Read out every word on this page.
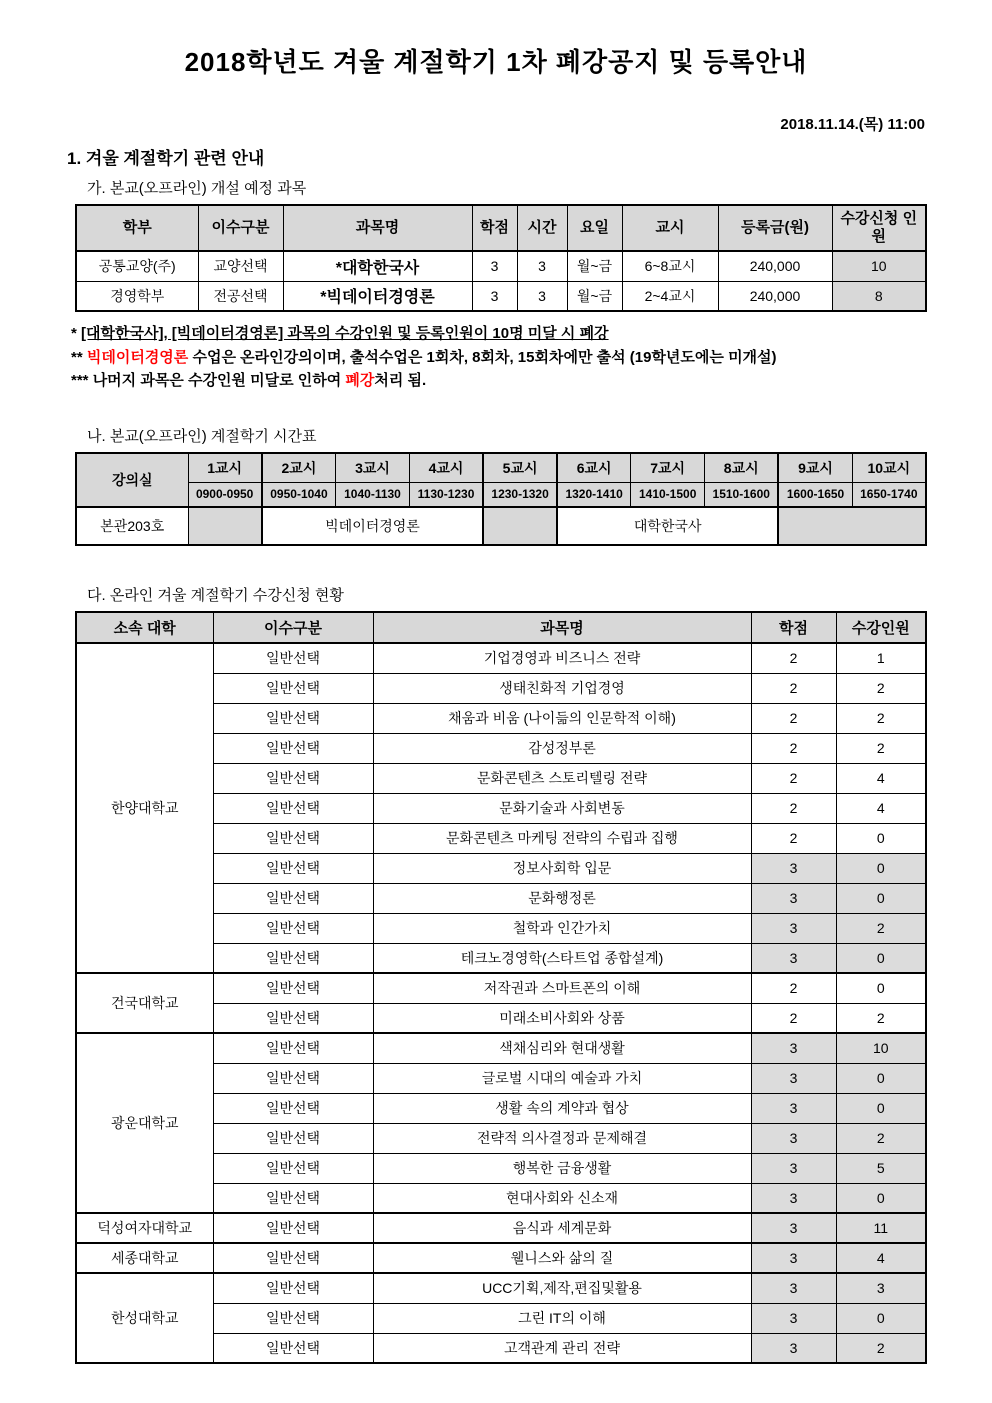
2018학년도 겨울 계절학기 1차 폐강공지 및 등록안내
2018.11.14.(목) 11:00
1. 겨울 계절학기 관련 안내
가. 본교(오프라인) 개설 예정 과목
학부	이수구분	과목명	학점	시간	요일	교시	등록금(원)	수강신청 인원
공통교양(주)	교양선택	*대학한국사	3	3	월~금	6~8교시	240,000	10
경영학부	전공선택	*빅데이터경영론	3	3	월~금	2~4교시	240,000	8
* [대학한국사], [빅데이터경영론] 과목의 수강인원 및 등록인원이 10명 미달 시 폐강
** 빅데이터경영론 수업은 온라인강의이며, 출석수업은 1회차, 8회차, 15회차에만 출석 (19학년도에는 미개설)
*** 나머지 과목은 수강인원 미달로 인하여 폐강처리 됨.
나. 본교(오프라인) 계절학기 시간표
강의실	1교시	2교시	3교시	4교시	5교시	6교시	7교시	8교시	9교시	10교시
	0900-0950	0950-1040	1040-1130	1130-1230	1230-1320	1320-1410	1410-1500	1510-1600	1600-1650	1650-1740
본관203호		빅데이터경영론				대학한국사				
다. 온라인 겨울 계절학기 수강신청 현황
소속 대학	이수구분	과목명	학점	수강인원
한양대학교	일반선택	기업경영과 비즈니스 전략	2	1
	일반선택	생태친화적 기업경영	2	2
	일반선택	채움과 비움 (나이듦의 인문학적 이해)	2	2
	일반선택	감성정부론	2	2
	일반선택	문화콘텐츠 스토리텔링 전략	2	4
	일반선택	문화기술과 사회변동	2	4
	일반선택	문화콘텐츠 마케팅 전략의 수립과 집행	2	0
	일반선택	정보사회학 입문	3	0
	일반선택	문화행정론	3	0
	일반선택	철학과 인간가치	3	2
	일반선택	테크노경영학(스타트업 종합설계)	3	0
건국대학교	일반선택	저작권과 스마트폰의 이해	2	0
	일반선택	미래소비사회와 상품	2	2
광운대학교	일반선택	색채심리와 현대생활	3	10
	일반선택	글로벌 시대의 예술과 가치	3	0
	일반선택	생활 속의 계약과 협상	3	0
	일반선택	전략적 의사결정과 문제해결	3	2
	일반선택	행복한 금융생활	3	5
	일반선택	현대사회와 신소재	3	0
덕성여자대학교	일반선택	음식과 세계문화	3	11
세종대학교	일반선택	웰니스와 삶의 질	3	4
한성대학교	일반선택	UCC기획,제작,편집및활용	3	3
	일반선택	그린 IT의 이해	3	0
	일반선택	고객관계 관리 전략	3	2
